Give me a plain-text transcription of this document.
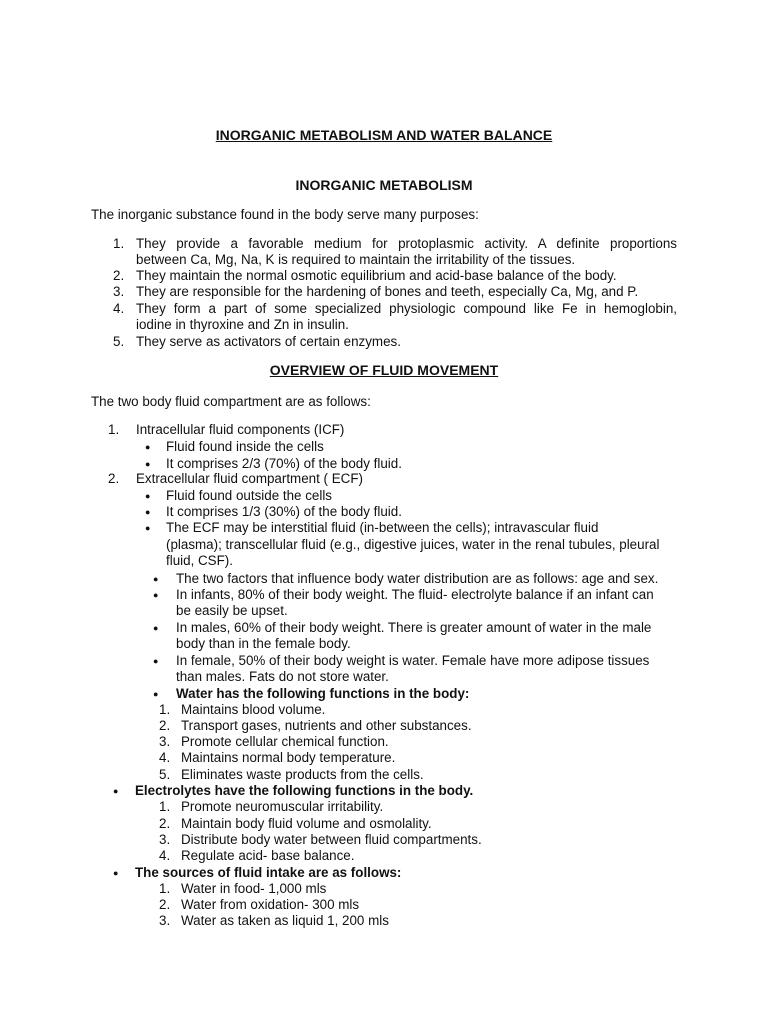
INORGANIC METABOLISM AND WATER BALANCE
INORGANIC METABOLISM
The inorganic substance found in the body serve many purposes:
1. They provide a favorable medium for protoplasmic activity. A definite proportions
between Ca, Mg, Na, K is required to maintain the irritability of the tissues.
2. They maintain the normal osmotic equilibrium and acid-base balance of the body.
3. They are responsible for the hardening of bones and teeth, especially Ca, Mg, and P.
4. They form a part of some specialized physiologic compound like Fe in hemoglobin,
iodine in thyroxine and Zn in insulin.
5. They serve as activators of certain enzymes.
OVERVIEW OF FLUID MOVEMENT
The two body fluid compartment are as follows:
1. Intracellular fluid components (ICF)
● Fluid found inside the cells
● It comprises 2/3 (70%) of the body fluid.
2. Extracellular fluid compartment ( ECF)
● Fluid found outside the cells
● It comprises 1/3 (30%) of the body fluid.
● The ECF may be interstitial fluid (in-between the cells); intravascular fluid
(plasma); transcellular fluid (e.g., digestive juices, water in the renal tubules, pleural
fluid, CSF).
● The two factors that influence body water distribution are as follows: age and sex.
● In infants, 80% of their body weight. The fluid- electrolyte balance if an infant can
be easily be upset.
● In males, 60% of their body weight. There is greater amount of water in the male
body than in the female body.
● In female, 50% of their body weight is water. Female have more adipose tissues
than males. Fats do not store water.
● Water has the following functions in the body:
1. Maintains blood volume.
2. Transport gases, nutrients and other substances.
3. Promote cellular chemical function.
4. Maintains normal body temperature.
5. Eliminates waste products from the cells.
● Electrolytes have the following functions in the body.
1. Promote neuromuscular irritability.
2. Maintain body fluid volume and osmolality.
3. Distribute body water between fluid compartments.
4. Regulate acid- base balance.
● The sources of fluid intake are as follows:
1. Water in food- 1,000 mls
2. Water from oxidation- 300 mls
3. Water as taken as liquid 1, 200 mls
